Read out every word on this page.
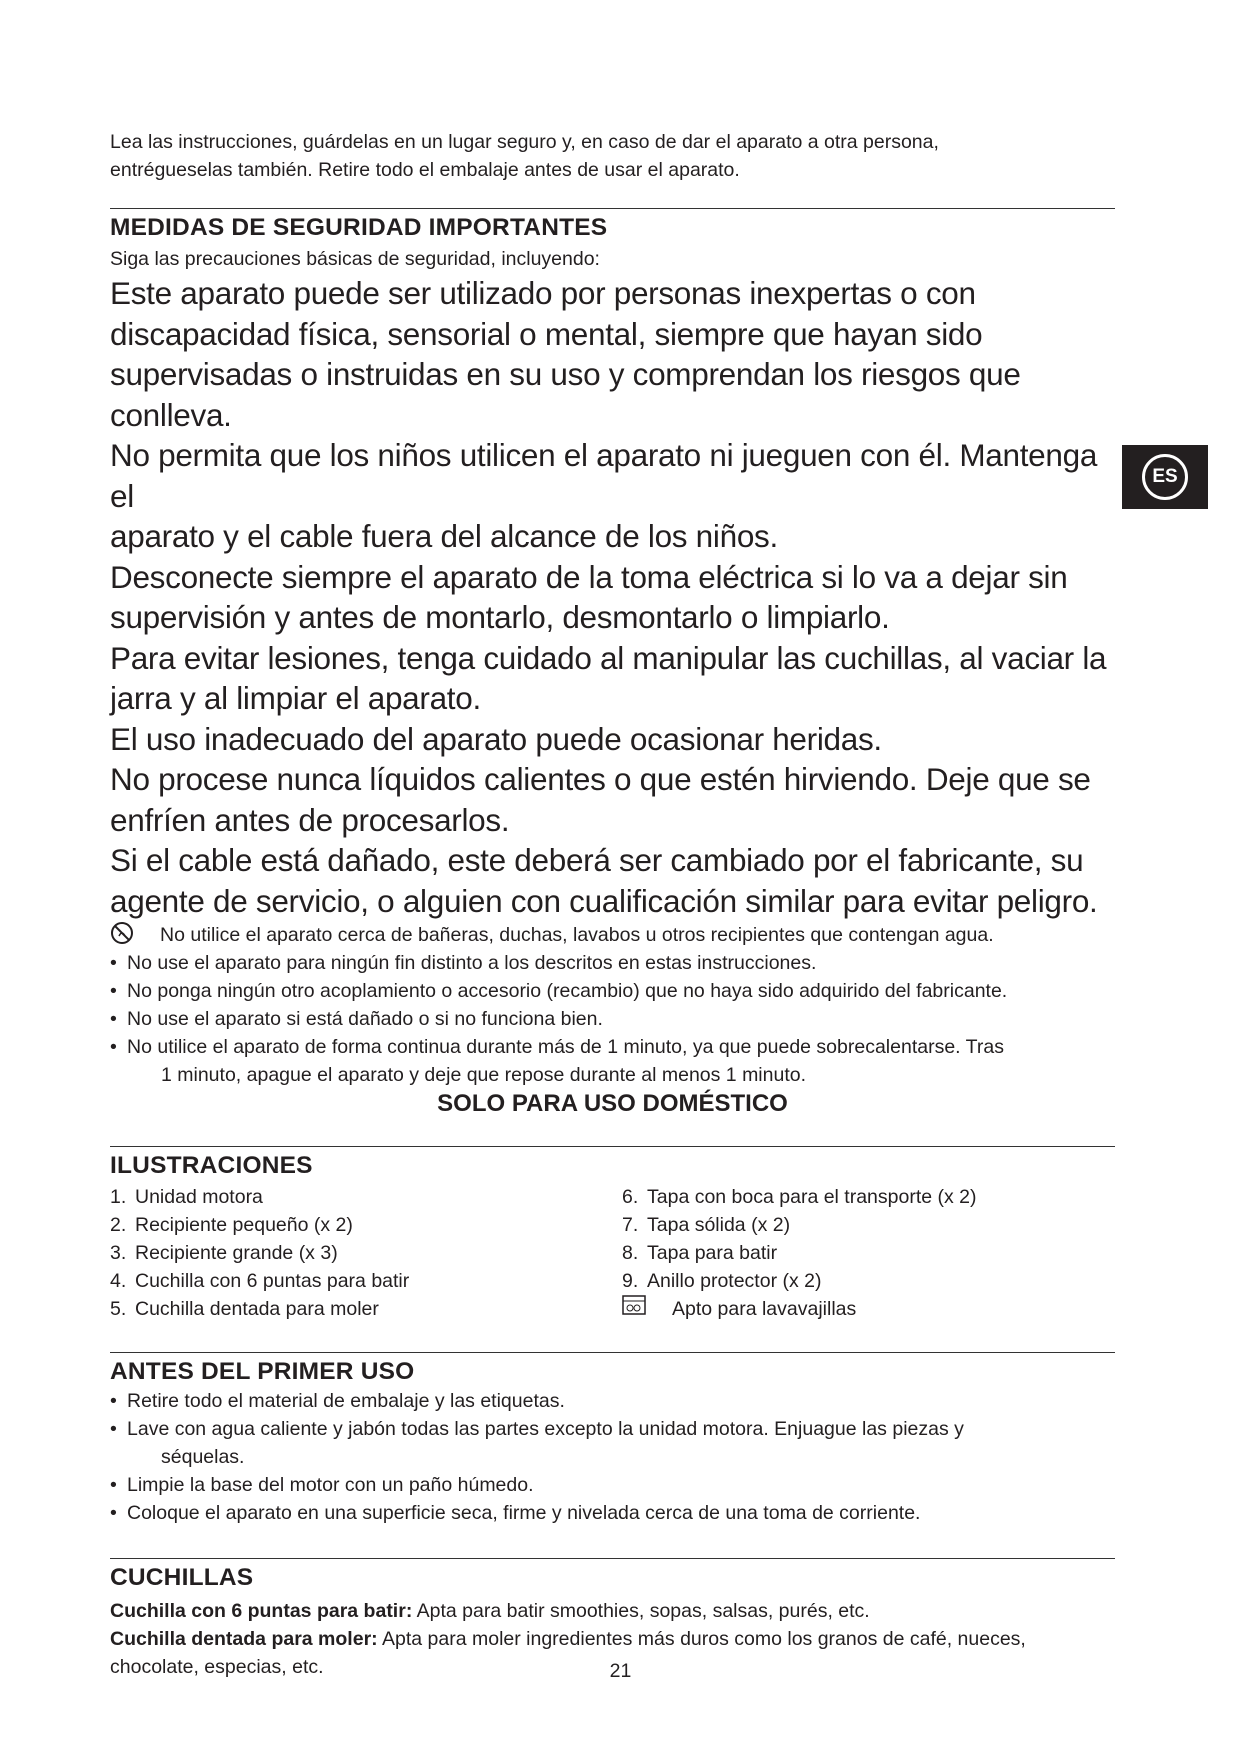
Lea las instrucciones, guárdelas en un lugar seguro y, en caso de dar el aparato a otra persona,
entrégueselas también. Retire todo el embalaje antes de usar el aparato.

MEDIDAS DE SEGURIDAD IMPORTANTES

Siga las precauciones básicas de seguridad, incluyendo:

Este aparato puede ser utilizado por personas inexpertas o con
discapacidad física, sensorial o mental, siempre que hayan sido
supervisadas o instruidas en su uso y comprendan los riesgos que conlleva.

No permita que los niños utilicen el aparato ni jueguen con él. Mantenga el
aparato y el cable fuera del alcance de los niños.

Desconecte siempre el aparato de la toma eléctrica si lo va a dejar sin
supervisión y antes de montarlo, desmontarlo o limpiarlo.

Para evitar lesiones, tenga cuidado al manipular las cuchillas, al vaciar la
jarra y al limpiar el aparato.

El uso inadecuado del aparato puede ocasionar heridas.

No procese nunca líquidos calientes o que estén hirviendo. Deje que se
enfríen antes de procesarlos.

Si el cable está dañado, este deberá ser cambiado por el fabricante, su
agente de servicio, o alguien con cualificación similar para evitar peligro.

No utilice el aparato cerca de bañeras, duchas, lavabos u otros recipientes que contengan agua.
• No use el aparato para ningún fin distinto a los descritos en estas instrucciones.
• No ponga ningún otro acoplamiento o accesorio (recambio) que no haya sido adquirido del fabricante.
• No use el aparato si está dañado o si no funciona bien.
• No utilice el aparato de forma continua durante más de 1 minuto, ya que puede sobrecalentarse. Tras
1 minuto, apague el aparato y deje que repose durante al menos 1 minuto.

SOLO PARA USO DOMÉSTICO

ILUSTRACIONES
1. Unidad motora
2. Recipiente pequeño (x 2)
3. Recipiente grande (x 3)
4. Cuchilla con 6 puntas para batir
5. Cuchilla dentada para moler
6. Tapa con boca para el transporte (x 2)
7. Tapa sólida (x 2)
8. Tapa para batir
9. Anillo protector (x 2)
Apto para lavavajillas
ANTES DEL PRIMER USO
• Retire todo el material de embalaje y las etiquetas.
• Lave con agua caliente y jabón todas las partes excepto la unidad motora. Enjuague las piezas y
séquelas.
• Limpie la base del motor con un paño húmedo.
• Coloque el aparato en una superficie seca, firme y nivelada cerca de una toma de corriente.
CUCHILLAS

Cuchilla con 6 puntas para batir: Apta para batir smoothies, sopas, salsas, purés, etc.

Cuchilla dentada para moler: Apta para moler ingredientes más duros como los granos de café, nueces,
chocolate, especias, etc.

ES
21
